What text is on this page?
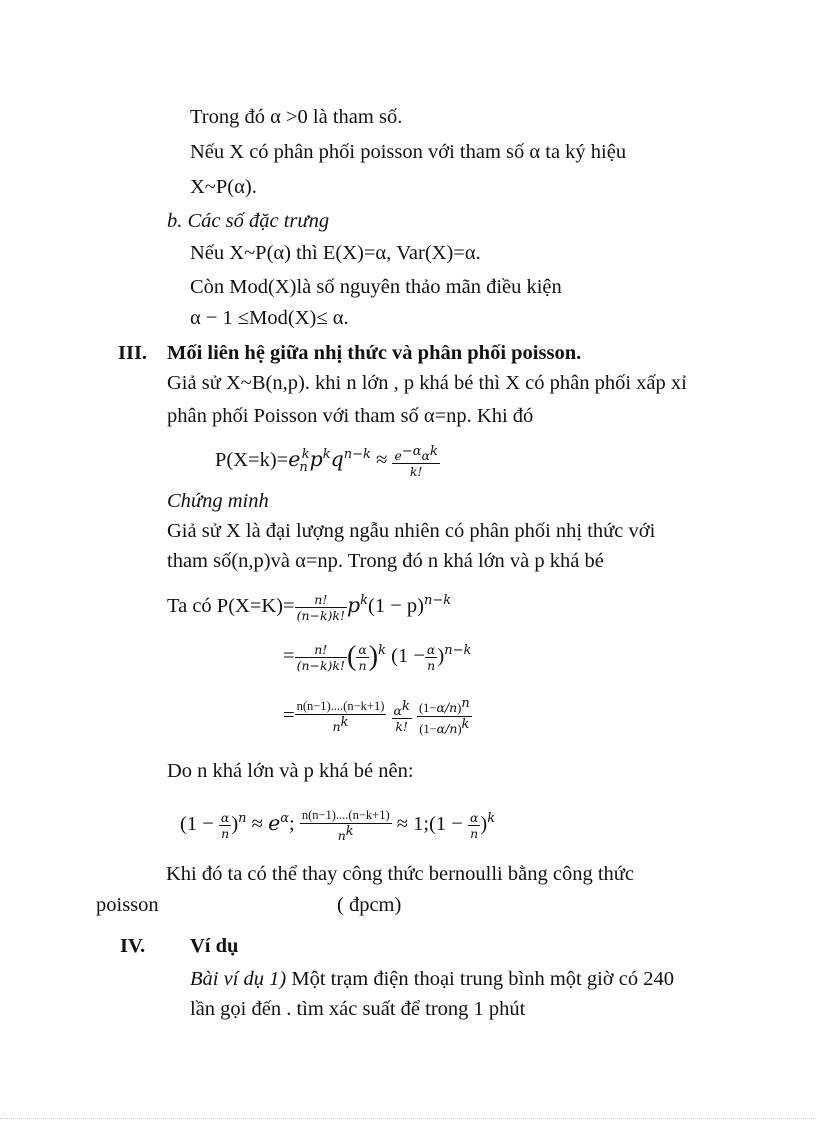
Trong đó α >0 là tham số.
Nếu X có phân phối poisson với tham số α ta ký hiệu
X~P(α).
b. Các số đặc trưng
Nếu X~P(α) thì E(X)=α, Var(X)=α.
Còn Mod(X)là số nguyên thảo mãn điều kiện
α − 1 ≤Mod(X)≤ α.
III. Mối liên hệ giữa nhị thức và phân phối poisson.
Giả sử X~B(n,p). khi n lớn , p khá bé thì X có phân phối xấp xỉ
phân phối Poisson với tham số α=np. Khi đó
$P(X=k)=e_n^kp^kq^{n-k} \approx \frac{e^{-\alpha}\alpha^k}{k!}$
Chứng minh
Giả sử X là đại lượng ngẫu nhiên có phân phối nhị thức với
tham số(n,p)và α=np. Trong đó n khá lớn và p khá bé
Ta có $P(X=K)= \frac{n!}{(n-k)k!} p^k(1 - p)^{n-k}$
= $\frac{n!}{(n-k)k!}$ ( $\frac{\alpha}{n} )^k$ $(1 - \frac{\alpha}{n} )^{n-k}$
= $\frac{n(n-1)....(n-k+1)}{n^k}$
$\frac{\alpha^k}{k!}$
$\frac{(1-\alpha/n)^n}{(1-\alpha/n)^k}$
Do n khá lớn và p khá bé nên:
$(1 - \frac{\alpha}{n} )^n \approx e^\alpha$; $\frac{n(n-1)....(n-k+1)}{n^k}$ ≈ 1;(1 − $\frac{\alpha}{n} )^k$
Khi đó ta có thể thay công thức bernoulli bằng công thức
poisson	( đpcm)
IV. Ví dụ
Bài ví dụ 1) Một trạm điện thoại trung bình một giờ có 240
lần gọi đến . tìm xác suất để trong 1 phút
